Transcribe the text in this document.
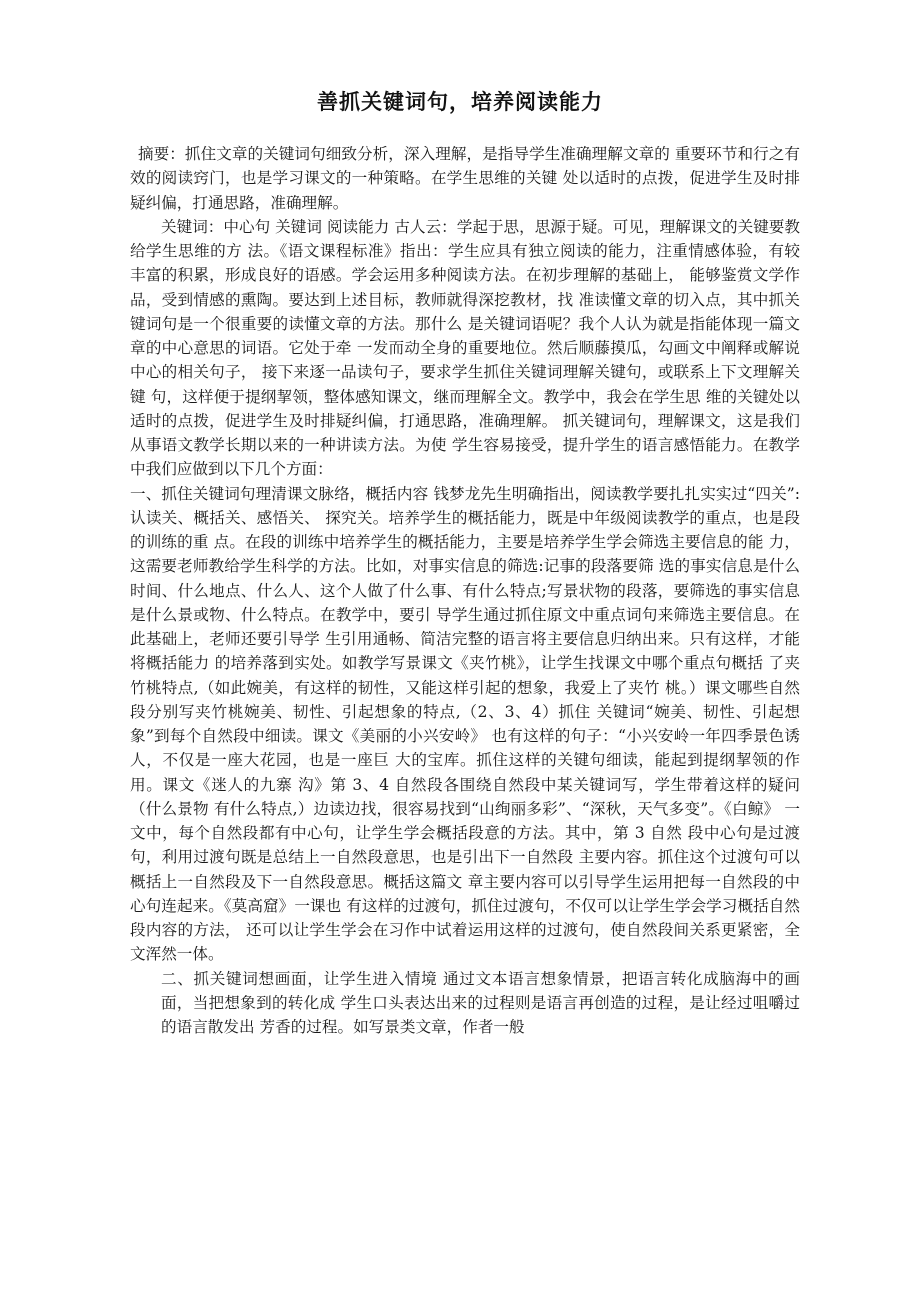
善抓关键词句，培养阅读能力

摘要：抓住文章的关键词句细致分析，深入理解，是指导学生准确理解文章的 重要环节和行之有效的阅读窍门，也是学习课文的一种策略。在学生思维的关键 处以适时的点拨，促进学生及时排疑纠偏，打通思路，准确理解。

关键词：中心句 关键词 阅读能力 古人云：学起于思，思源于疑。可见，理解课文的关键要教给学生思维的方 法。《语文课程标准》指出：学生应具有独立阅读的能力，注重情感体验，有较 丰富的积累，形成良好的语感。学会运用多种阅读方法。在初步理解的基础上， 能够鉴赏文学作品，受到情感的熏陶。要达到上述目标，教师就得深挖教材，找 准读懂文章的切入点，其中抓关键词句是一个很重要的读懂文章的方法。那什么 是关键词语呢？我个人认为就是指能体现一篇文章的中心意思的词语。它处于牵 一发而动全身的重要地位。然后顺藤摸瓜，勾画文中阐释或解说中心的相关句子， 接下来逐一品读句子，要求学生抓住关键词理解关键句，或联系上下文理解关键 句，这样便于提纲挈领，整体感知课文，继而理解全文。教学中，我会在学生思 维的关键处以适时的点拨，促进学生及时排疑纠偏，打通思路，准确理解。 抓关键词句，理解课文，这是我们从事语文教学长期以来的一种讲读方法。为使 学生容易接受，提升学生的语言感悟能力。在教学中我们应做到以下几个方面：

一、抓住关键词句理清课文脉络，概括内容 钱梦龙先生明确指出，阅读教学要扎扎实实过“四关”:认读关、概括关、感悟关、 探究关。培养学生的概括能力，既是中年级阅读教学的重点，也是段的训练的重 点。在段的训练中培养学生的概括能力，主要是培养学生学会筛选主要信息的能 力，这需要老师教给学生科学的方法。比如，对事实信息的筛选:记事的段落要筛 选的事实信息是什么时间、什么地点、什么人、这个人做了什么事、有什么特点;写景状物的段落，要筛选的事实信息是什么景或物、什么特点。在教学中，要引 导学生通过抓住原文中重点词句来筛选主要信息。在此基础上，老师还要引导学 生引用通畅、简洁完整的语言将主要信息归纳出来。只有这样，才能将概括能力 的培养落到实处。如教学写景课文《夹竹桃》，让学生找课文中哪个重点句概括 了夹竹桃特点,（如此婉美，有这样的韧性，又能这样引起的想象，我爱上了夹竹 桃。）课文哪些自然段分别写夹竹桃婉美、韧性、引起想象的特点,（2、3、4）抓住 关键词“婉美、韧性、引起想象”到每个自然段中细读。课文《美丽的小兴安岭》 也有这样的句子：“小兴安岭一年四季景色诱人，不仅是一座大花园，也是一座巨 大的宝库。抓住这样的关键句细读，能起到提纲挈领的作用。课文《迷人的九寨 沟》第 3、4 自然段各围绕自然段中某关键词写，学生带着这样的疑问（什么景物 有什么特点,）边读边找，很容易找到“山绚丽多彩”、“深秋，天气多变”。《白鲸》 一文中，每个自然段都有中心句，让学生学会概括段意的方法。其中，第 3 自然 段中心句是过渡句，利用过渡句既是总结上一自然段意思，也是引出下一自然段 主要内容。抓住这个过渡句可以概括上一自然段及下一自然段意思。概括这篇文 章主要内容可以引导学生运用把每一自然段的中心句连起来。《莫高窟》一课也 有这样的过渡句，抓住过渡句，不仅可以让学生学会学习概括自然段内容的方法， 还可以让学生学会在习作中试着运用这样的过渡句，使自然段间关系更紧密，全 文浑然一体。

二、抓关键词想画面，让学生进入情境 通过文本语言想象情景，把语言转化成脑海中的画面，当把想象到的转化成 学生口头表达出来的过程则是语言再创造的过程，是让经过咀嚼过的语言散发出 芳香的过程。如写景类文章，作者一般
